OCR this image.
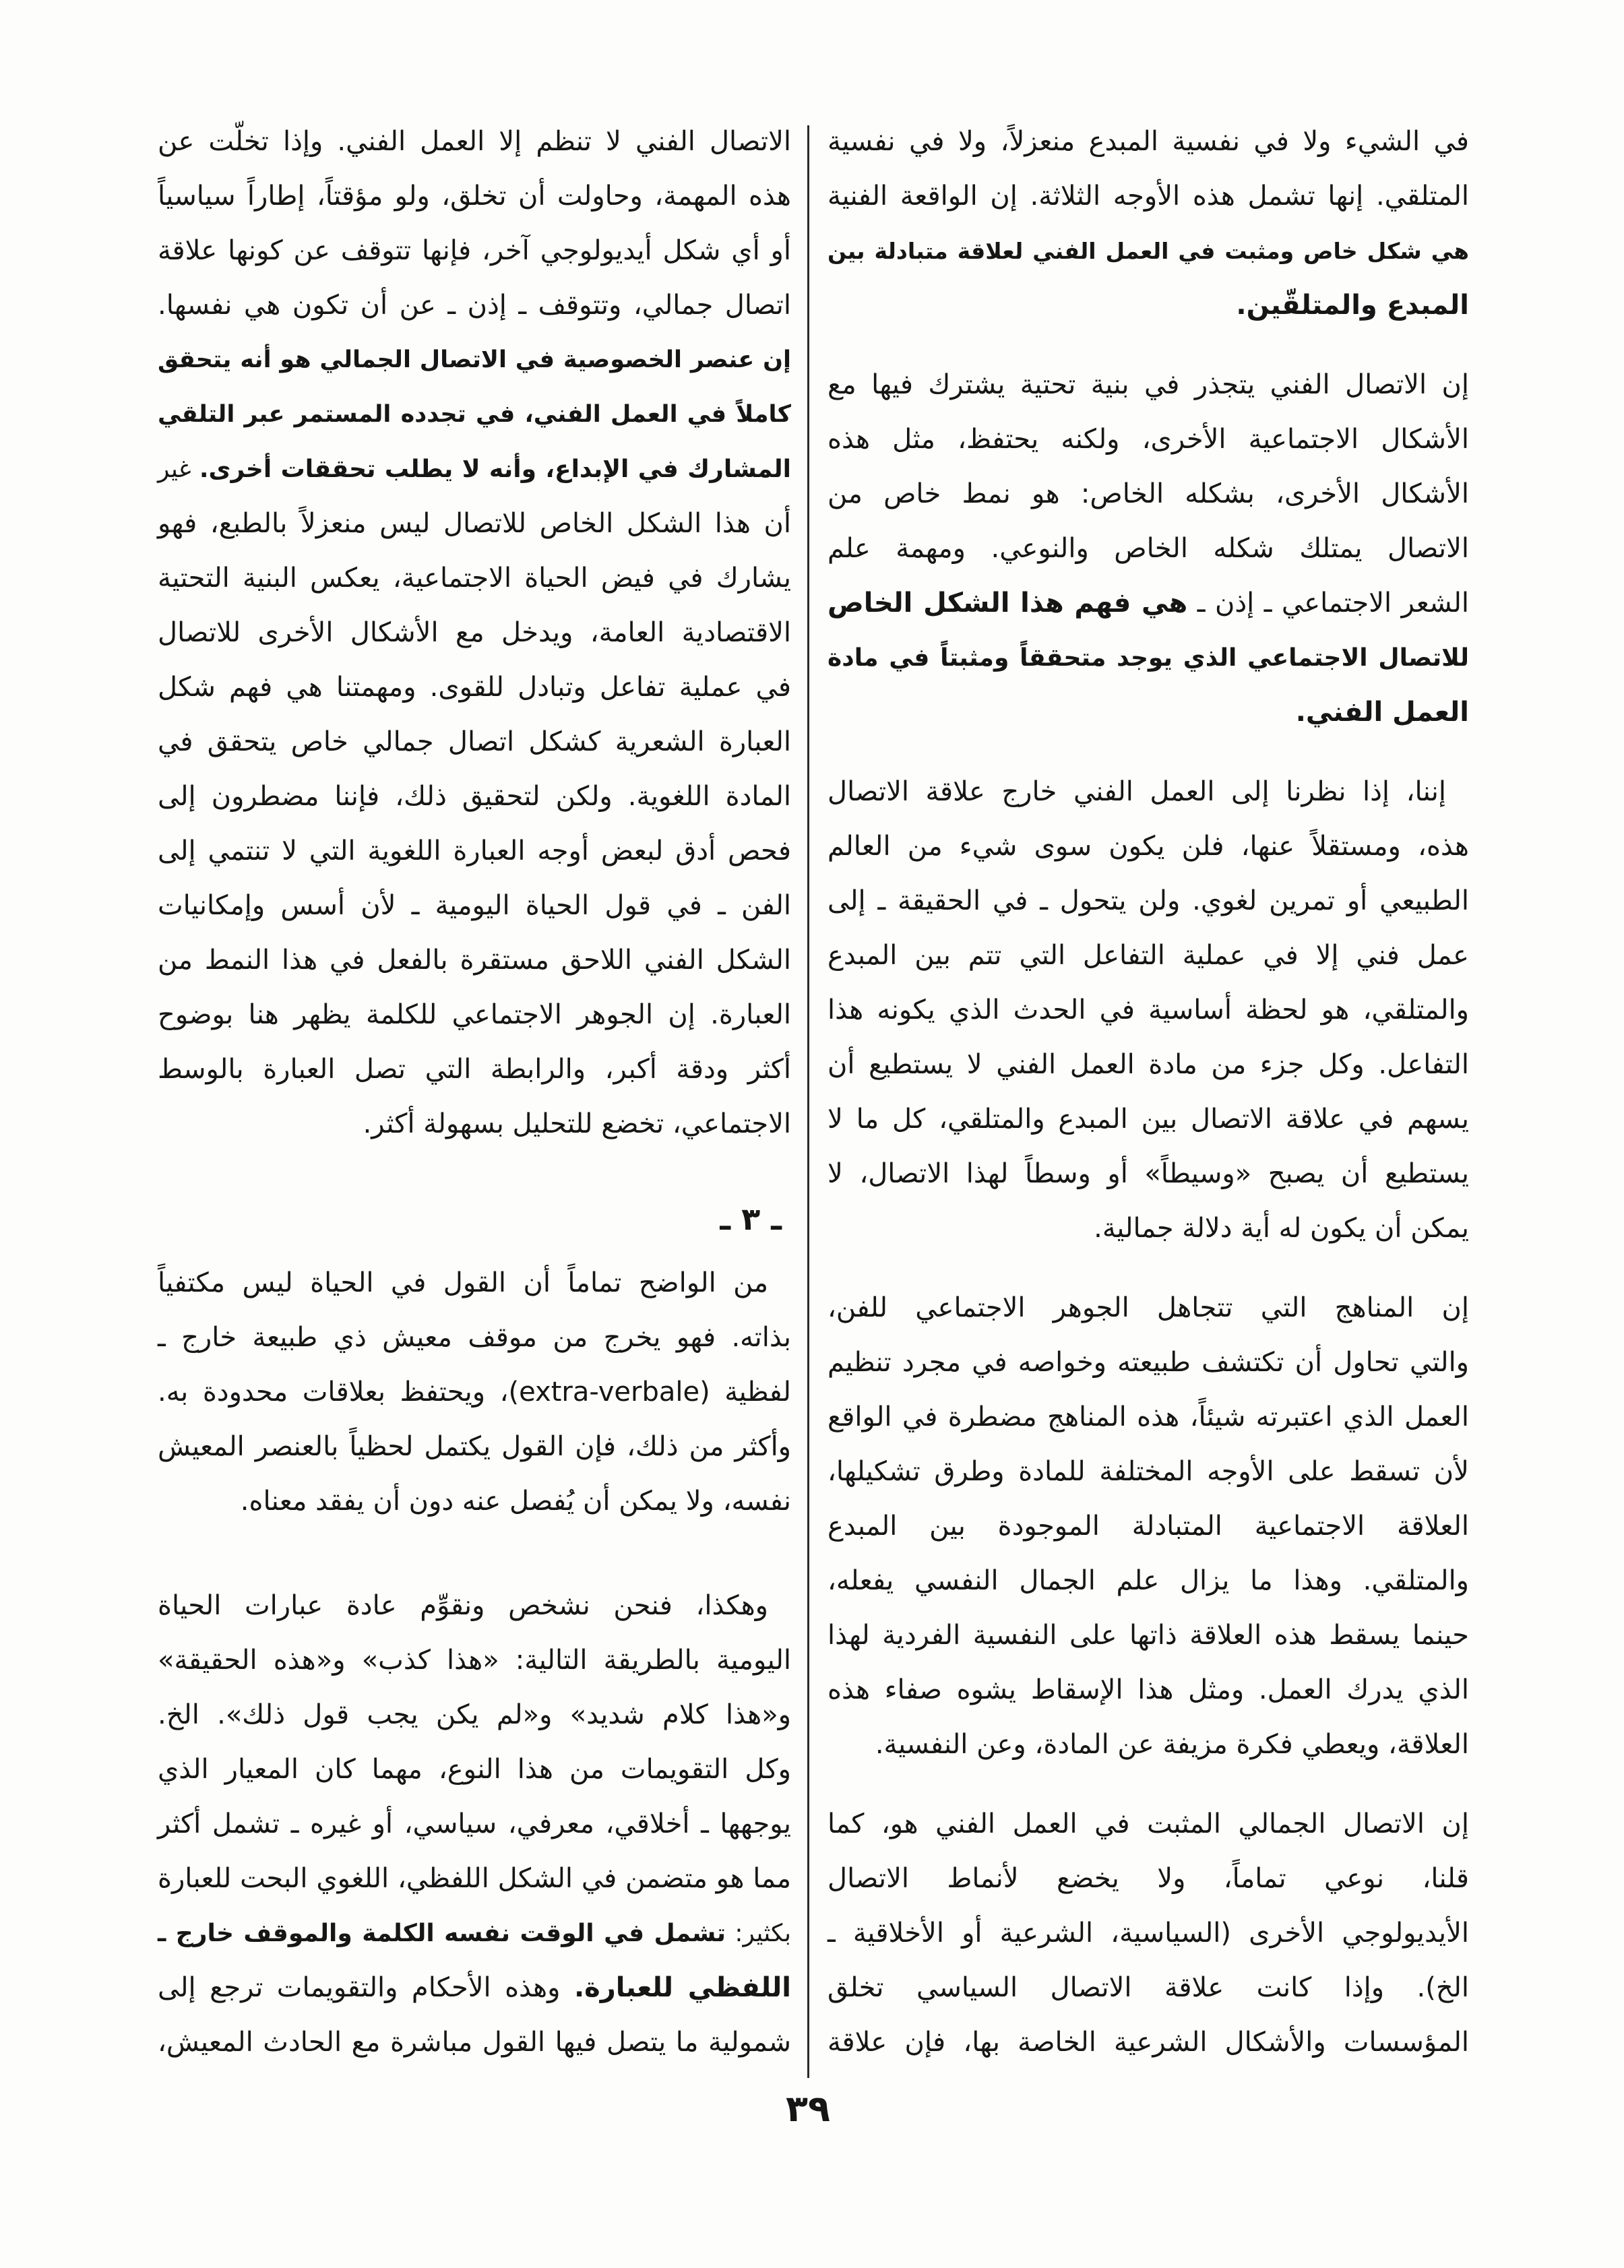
في الشيء ولا في نفسية المبدع منعزلاً، ولا في نفسية
المتلقي. إنها تشمل هذه الأوجه الثلاثة. إن الواقعة الفنية
هي شكل خاص ومثبت في العمل الفني لعلاقة متبادلة بين
المبدع والمتلقّين.
إن الاتصال الفني يتجذر في بنية تحتية يشترك فيها مع
الأشكال الاجتماعية الأخرى، ولكنه يحتفظ، مثل هذه
الأشكال الأخرى، بشكله الخاص: هو نمط خاص من
الاتصال يمتلك شكله الخاص والنوعي. ومهمة علم
الشعر الاجتماعي ـ إذن ـ هي فهم هذا الشكل الخاص
للاتصال الاجتماعي الذي يوجد متحققاً ومثبتاً في مادة
العمل الفني.
إننا، إذا نظرنا إلى العمل الفني خارج علاقة الاتصال
هذه، ومستقلاً عنها، فلن يكون سوى شيء من العالم
الطبيعي أو تمرين لغوي. ولن يتحول ـ في الحقيقة ـ إلى
عمل فني إلا في عملية التفاعل التي تتم بين المبدع
والمتلقي، هو لحظة أساسية في الحدث الذي يكونه هذا
التفاعل. وكل جزء من مادة العمل الفني لا يستطيع أن
يسهم في علاقة الاتصال بين المبدع والمتلقي، كل ما لا
يستطيع أن يصبح «وسيطاً» أو وسطاً لهذا الاتصال، لا
يمكن أن يكون له أية دلالة جمالية.
إن المناهج التي تتجاهل الجوهر الاجتماعي للفن،
والتي تحاول أن تكتشف طبيعته وخواصه في مجرد تنظيم
العمل الذي اعتبرته شيئاً، هذه المناهج مضطرة في الواقع
لأن تسقط على الأوجه المختلفة للمادة وطرق تشكيلها،
العلاقة الاجتماعية المتبادلة الموجودة بين المبدع
والمتلقي. وهذا ما يزال علم الجمال النفسي يفعله،
حينما يسقط هذه العلاقة ذاتها على النفسية الفردية لهذا
الذي يدرك العمل. ومثل هذا الإسقاط يشوه صفاء هذه
العلاقة، ويعطي فكرة مزيفة عن المادة، وعن النفسية.
إن الاتصال الجمالي المثبت في العمل الفني هو، كما
قلنا، نوعي تماماً، ولا يخضع لأنماط الاتصال
الأيديولوجي الأخرى (السياسية، الشرعية أو الأخلاقية ـ
الخ). وإذا كانت علاقة الاتصال السياسي تخلق
المؤسسات والأشكال الشرعية الخاصة بها، فإن علاقة
الاتصال الفني لا تنظم إلا العمل الفني. وإذا تخلّت عن
هذه المهمة، وحاولت أن تخلق، ولو مؤقتاً، إطاراً سياسياً
أو أي شكل أيديولوجي آخر، فإنها تتوقف عن كونها علاقة
اتصال جمالي، وتتوقف ـ إذن ـ عن أن تكون هي نفسها.
إن عنصر الخصوصية في الاتصال الجمالي هو أنه يتحقق
كاملاً في العمل الفني، في تجدده المستمر عبر التلقي
المشارك في الإبداع، وأنه لا يطلب تحققات أخرى. غير
أن هذا الشكل الخاص للاتصال ليس منعزلاً بالطبع، فهو
يشارك في فيض الحياة الاجتماعية، يعكس البنية التحتية
الاقتصادية العامة، ويدخل مع الأشكال الأخرى للاتصال
في عملية تفاعل وتبادل للقوى. ومهمتنا هي فهم شكل
العبارة الشعرية كشكل اتصال جمالي خاص يتحقق في
المادة اللغوية. ولكن لتحقيق ذلك، فإننا مضطرون إلى
فحص أدق لبعض أوجه العبارة اللغوية التي لا تنتمي إلى
الفن ـ في قول الحياة اليومية ـ لأن أسس وإمكانيات
الشكل الفني اللاحق مستقرة بالفعل في هذا النمط من
العبارة. إن الجوهر الاجتماعي للكلمة يظهر هنا بوضوح
أكثر ودقة أكبر، والرابطة التي تصل العبارة بالوسط
الاجتماعي، تخضع للتحليل بسهولة أكثر.
ـ ٣ ـ
من الواضح تماماً أن القول في الحياة ليس مكتفياً
بذاته. فهو يخرج من موقف معيش ذي طبيعة خارج ـ
لفظية (extra-verbale)، ويحتفظ بعلاقات محدودة به.
وأكثر من ذلك، فإن القول يكتمل لحظياً بالعنصر المعيش
نفسه، ولا يمكن أن يُفصل عنه دون أن يفقد معناه.
وهكذا، فنحن نشخص ونقوِّم عادة عبارات الحياة
اليومية بالطريقة التالية: «هذا كذب» و«هذه الحقيقة»
و«هذا كلام شديد» و«لم يكن يجب قول ذلك». الخ.
وكل التقويمات من هذا النوع، مهما كان المعيار الذي
يوجهها ـ أخلاقي، معرفي، سياسي، أو غيره ـ تشمل أكثر
مما هو متضمن في الشكل اللفظي، اللغوي البحت للعبارة
بكثير: تشمل في الوقت نفسه الكلمة والموقف خارج ـ
اللفظي للعبارة. وهذه الأحكام والتقويمات ترجع إلى
شمولية ما يتصل فيها القول مباشرة مع الحادث المعيش،
٣٩
